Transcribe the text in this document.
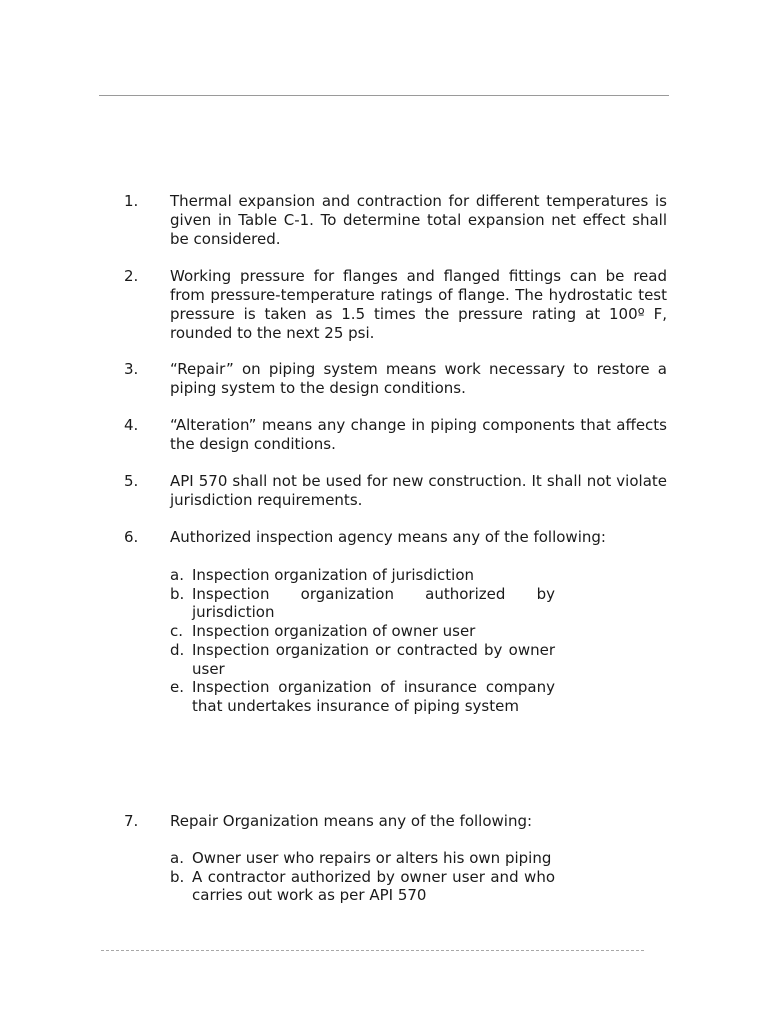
1. Thermal expansion and contraction for different temperatures is given in Table C-1. To determine total expansion net effect shall be considered.
2. Working pressure for flanges and flanged fittings can be read from pressure-temperature ratings of flange. The hydrostatic test pressure is taken as 1.5 times the pressure rating at 100º F, rounded to the next 25 psi.
3. “Repair” on piping system means work necessary to restore a piping system to the design conditions.
4. “Alteration” means any change in piping components that affects the design conditions.
5. API 570 shall not be used for new construction. It shall not violate jurisdiction requirements.
6. Authorized inspection agency means any of the following:
a. Inspection organization of jurisdiction
b. Inspection organization authorized by jurisdiction
c. Inspection organization of owner user
d. Inspection organization or contracted by owner user
e. Inspection organization of insurance company that undertakes insurance of piping system
7. Repair Organization means any of the following:
a. Owner user who repairs or alters his own piping
b. A contractor authorized by owner user and who carries out work as per API 570
